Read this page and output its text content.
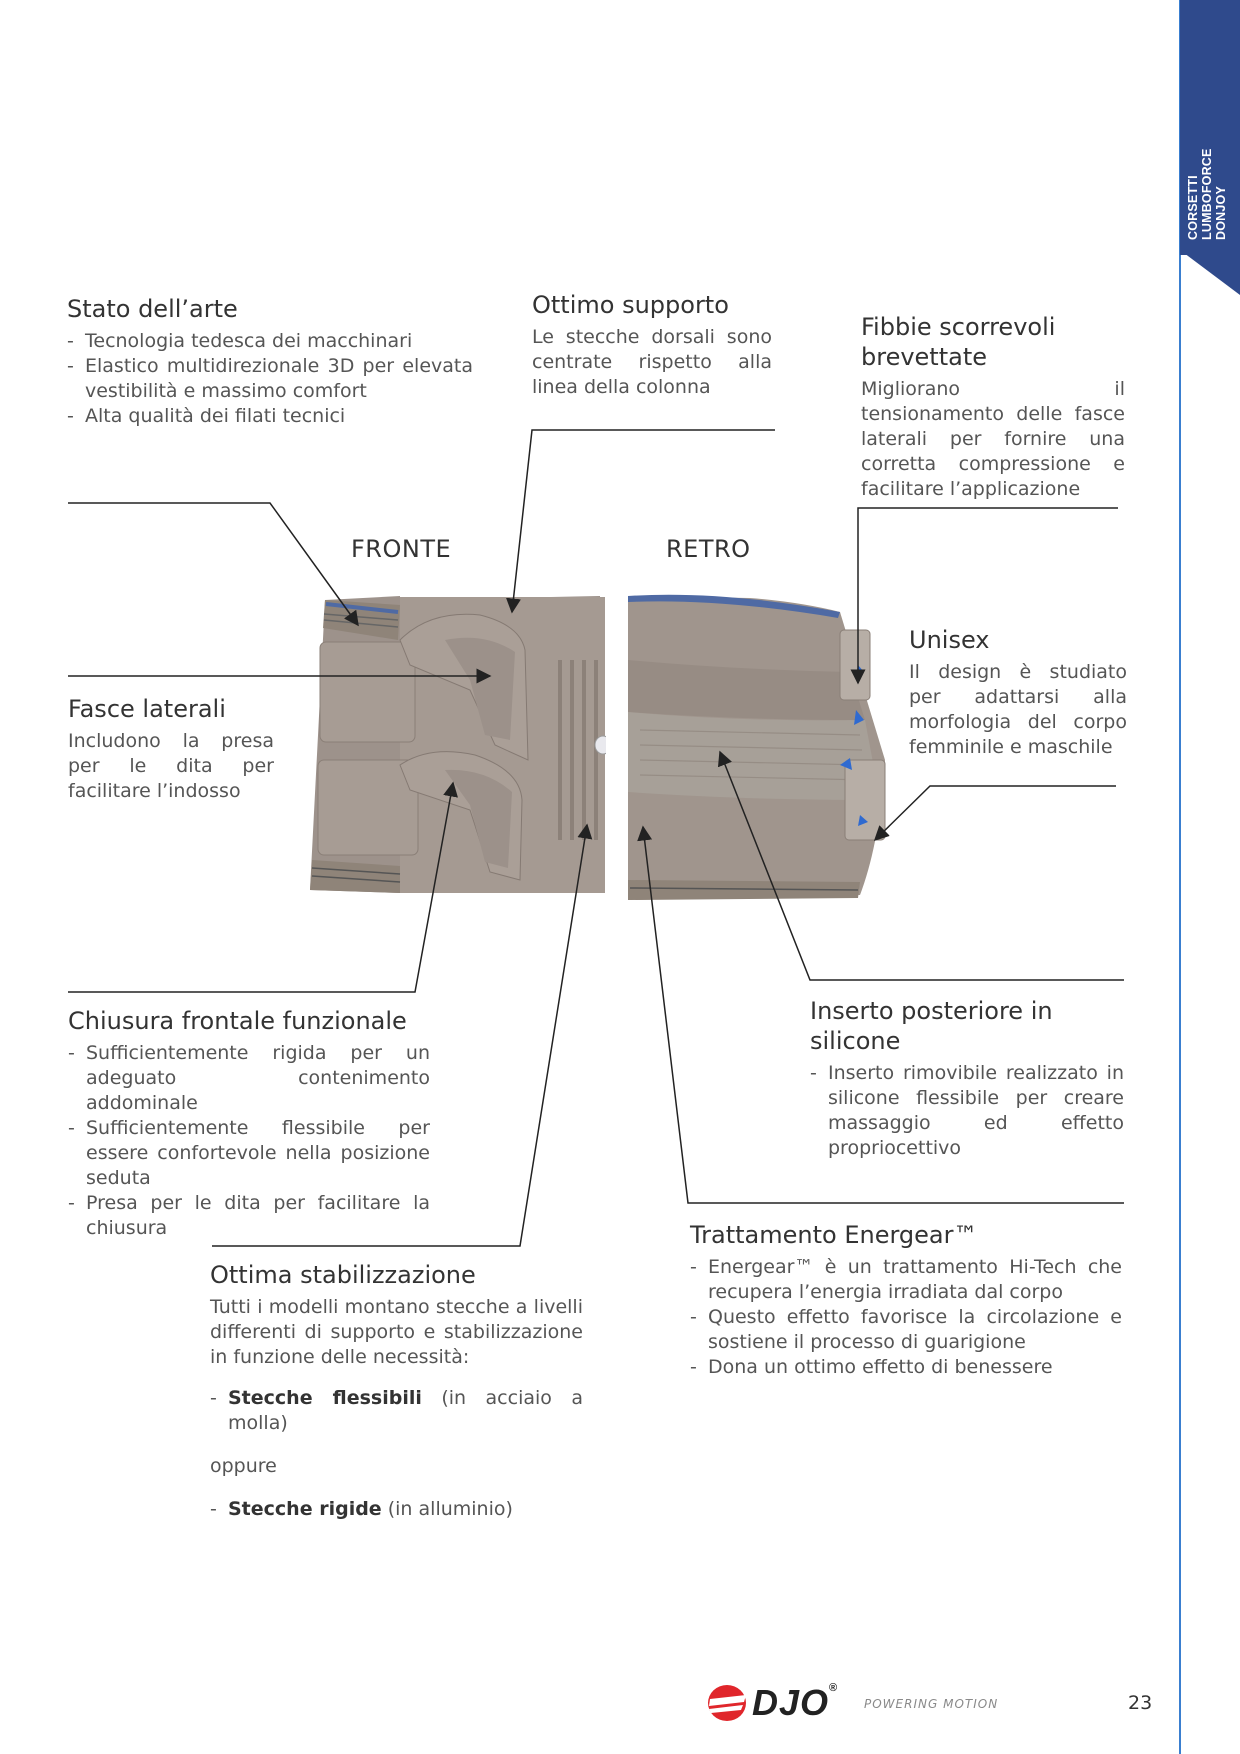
CORSETTI LUMBOFORCE DONJOY
FRONTE	RETRO
Stato dell’arte
- Tecnologia tedesca dei macchinari
- Elastico multidirezionale 3D per elevata vestibilità e massimo comfort
- Alta qualità dei filati tecnici
Ottimo supporto
Le stecche dorsali sono centrate rispetto alla linea della colonna
Fibbie scorrevoli
brevettate
Migliorano il tensionamento delle fasce laterali per fornire una corretta compressione e facilitare l’applicazione
Fasce laterali
Includono la presa per le dita per facilitare l’indosso
Unisex
Il design è studiato per adattarsi alla morfologia del corpo femminile e maschile
Chiusura frontale funzionale
- Sufficientemente rigida per un adeguato contenimento addominale
- Sufficientemente flessibile per essere confortevole nella posizione seduta
- Presa per le dita per facilitare la chiusura
Inserto posteriore in silicone
- Inserto rimovibile realizzato in silicone flessibile per creare massaggio ed effetto propriocettivo
Trattamento Energear™
- Energear™ è un trattamento Hi-Tech che recupera l’energia irradiata dal corpo
- Questo effetto favorisce la circolazione e sostiene il processo di guarigione
- Dona un ottimo effetto di benessere
Ottima stabilizzazione
Tutti i modelli montano stecche a livelli differenti di supporto e stabilizzazione in funzione delle necessità:
- Stecche flessibili (in acciaio a molla)
oppure
- Stecche rigide (in alluminio)
DJO®
POWERING MOTION	23
